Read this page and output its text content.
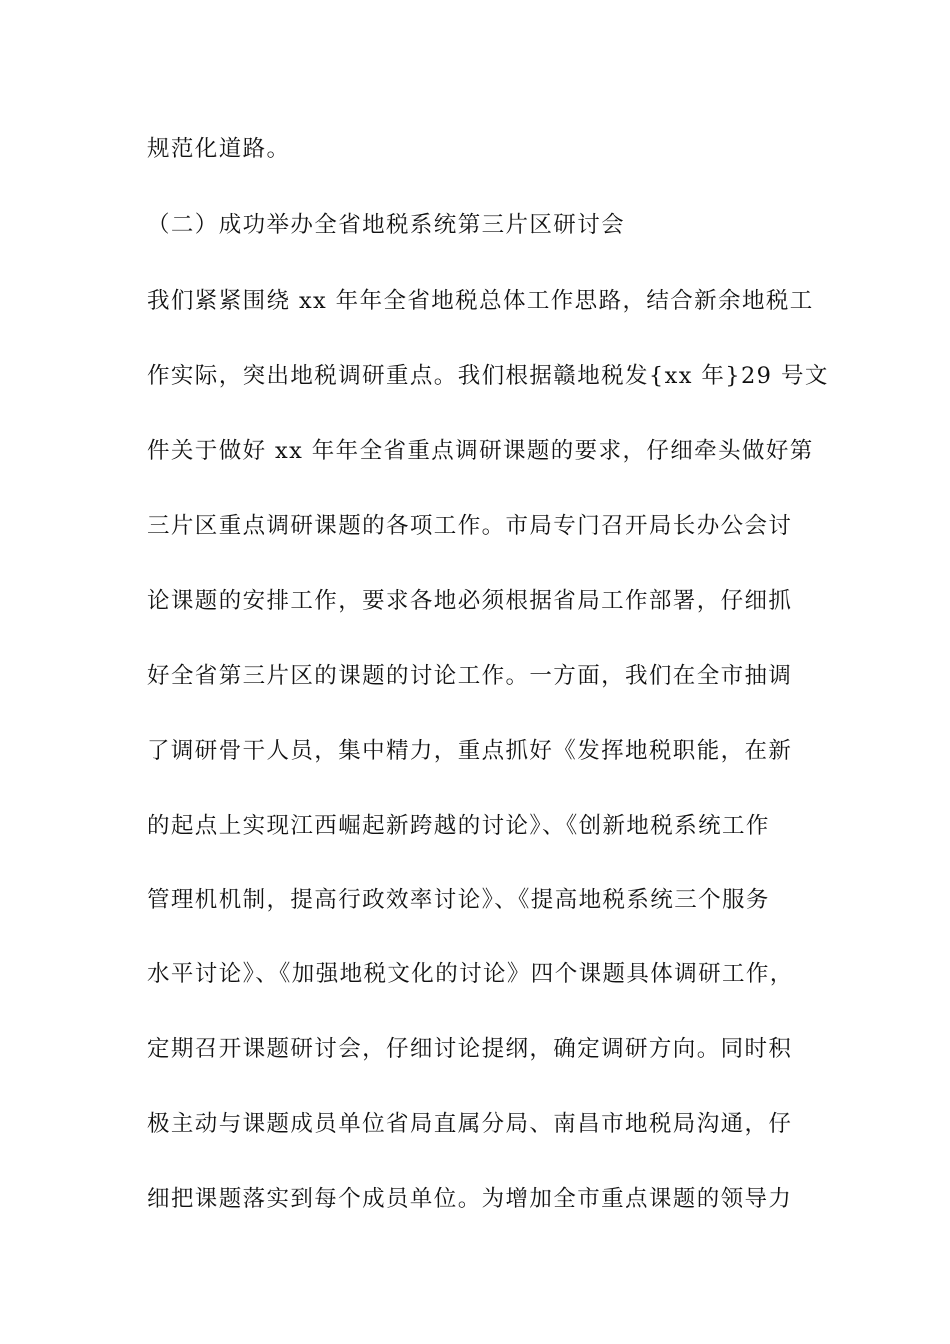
规范化道路。
（二）成功举办全省地税系统第三片区研讨会
我们紧紧围绕 xx 年年全省地税总体工作思路，结合新余地税工
作实际，突出地税调研重点。我们根据赣地税发{xx 年}29 号文
件关于做好 xx 年年全省重点调研课题的要求，仔细牵头做好第
三片区重点调研课题的各项工作。市局专门召开局长办公会讨
论课题的安排工作，要求各地必须根据省局工作部署，仔细抓
好全省第三片区的课题的讨论工作。一方面，我们在全市抽调
了调研骨干人员，集中精力，重点抓好《发挥地税职能，在新
的起点上实现江西崛起新跨越的讨论》、《创新地税系统工作
管理机机制，提高行政效率讨论》、《提高地税系统三个服务
水平讨论》、《加强地税文化的讨论》四个课题具体调研工作，
定期召开课题研讨会，仔细讨论提纲，确定调研方向。同时积
极主动与课题成员单位省局直属分局、南昌市地税局沟通，仔
细把课题落实到每个成员单位。为增加全市重点课题的领导力
